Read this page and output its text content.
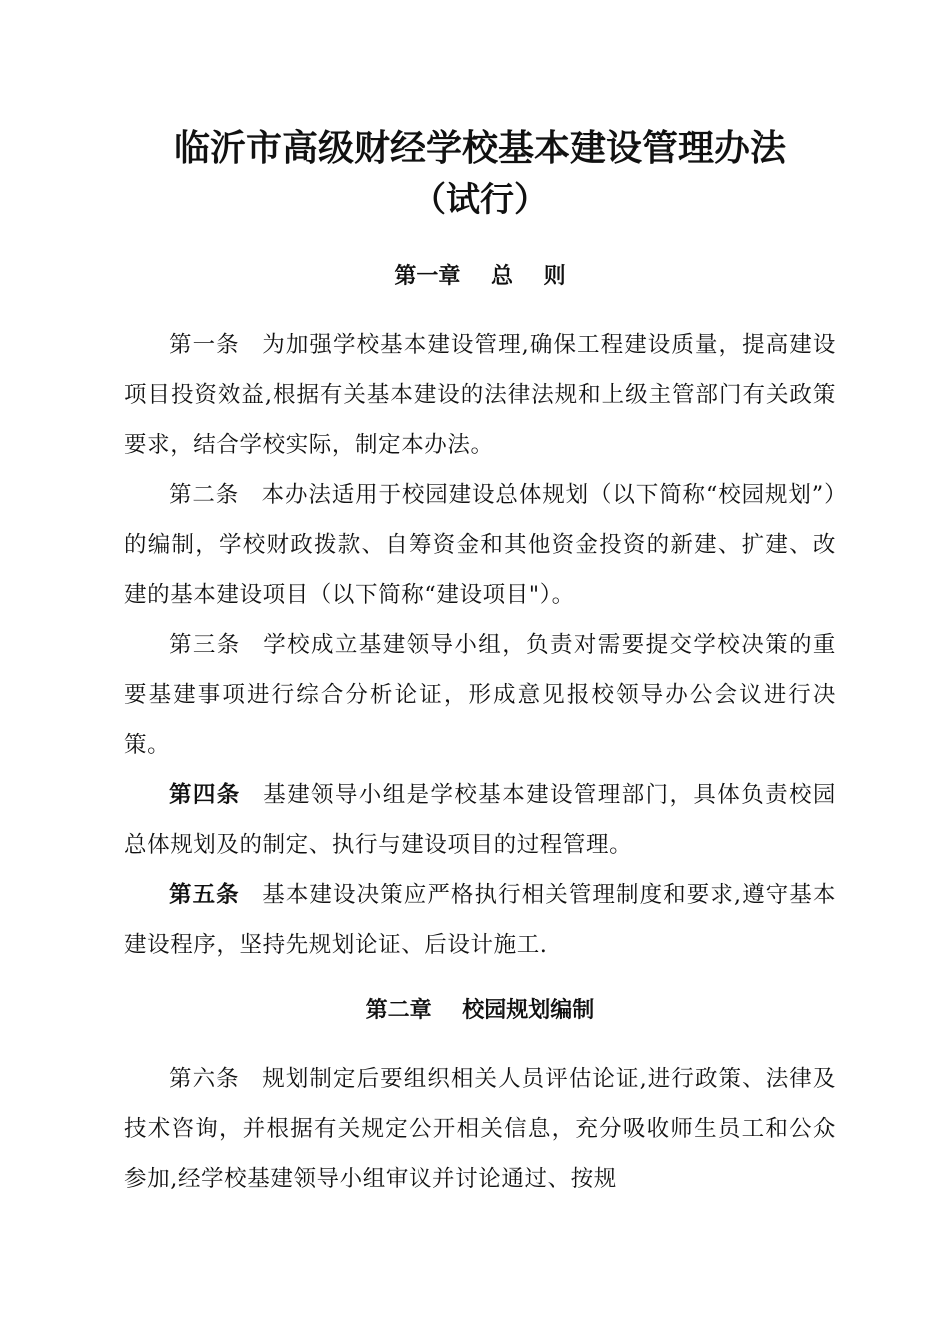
临沂市高级财经学校基本建设管理办法
（试行）
第一章    总    则

第一条 为加强学校基本建设管理,确保工程建设质量，提高建设项目投资效益,根据有关基本建设的法律法规和上级主管部门有关政策要求，结合学校实际，制定本办法。

第二条 本办法适用于校园建设总体规划（以下简称“校园规划”）的编制，学校财政拨款、自筹资金和其他资金投资的新建、扩建、改建的基本建设项目（以下简称“建设项目"）。

第三条 学校成立基建领导小组，负责对需要提交学校决策的重要基建事项进行综合分析论证，形成意见报校领导办公会议进行决策。

第四条 基建领导小组是学校基本建设管理部门，具体负责校园总体规划及的制定、执行与建设项目的过程管理。

第五条 基本建设决策应严格执行相关管理制度和要求,遵守基本建设程序，坚持先规划论证、后设计施工.

第二章    校园规划编制

第六条 规划制定后要组织相关人员评估论证,进行政策、法律及技术咨询，并根据有关规定公开相关信息，充分吸收师生员工和公众参加,经学校基建领导小组审议并讨论通过、按规
